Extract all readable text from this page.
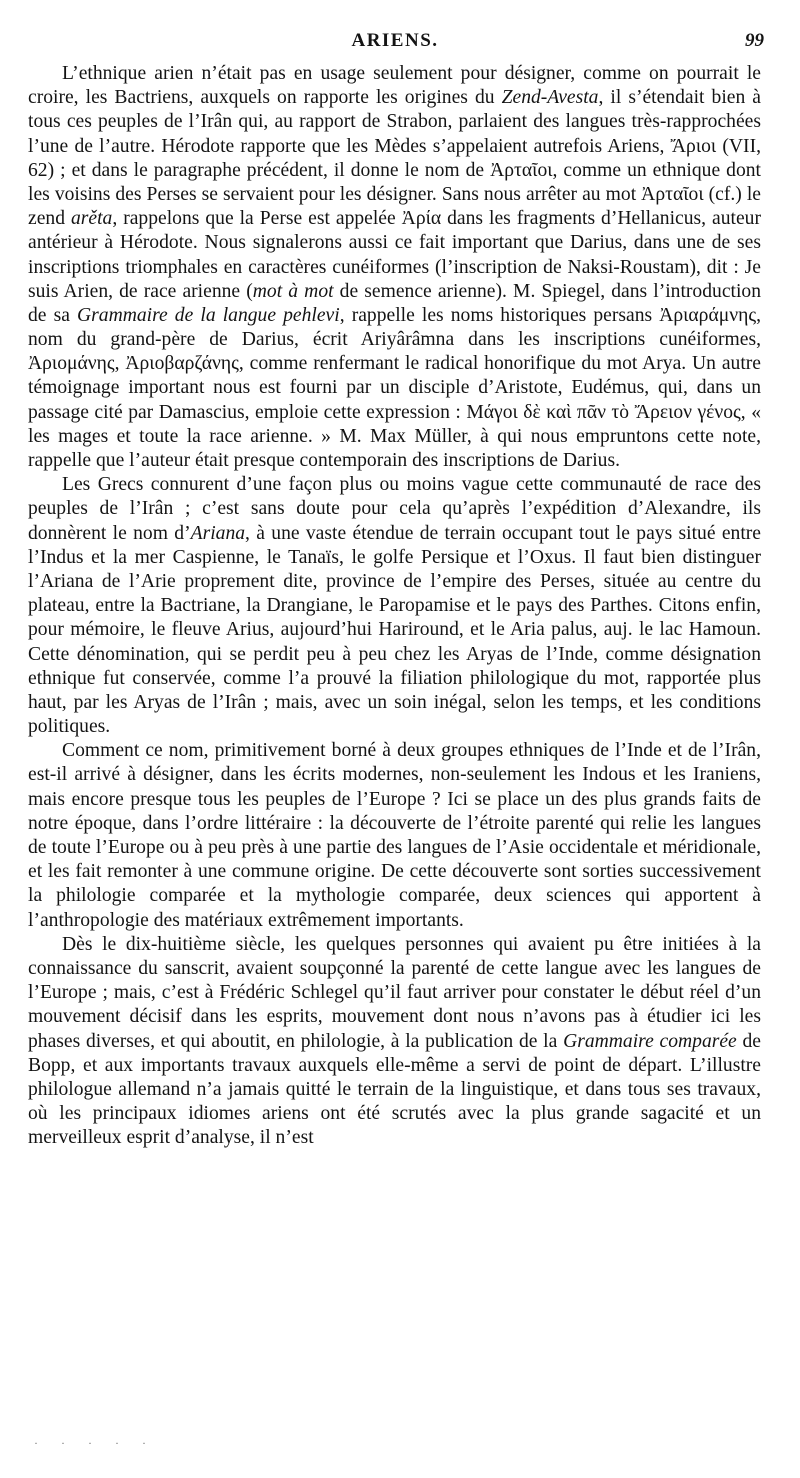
ARIENS.	99

L’ethnique arien n’était pas en usage seulement pour désigner, comme on pourrait le croire, les Bactriens, auxquels on rapporte les origines du Zend-Avesta, il s’étendait bien à tous ces peuples de l’Irân qui, au rapport de Strabon, parlaient des langues très-rapprochées l’une de l’autre. Hérodote rapporte que les Mèdes s’appelaient autrefois Ariens, Ἄριοι (VII, 62) ; et dans le paragraphe précédent, il donne le nom de Ἀρταῖοι, comme un ethnique dont les voisins des Perses se servaient pour les désigner. Sans nous arrêter au mot Ἀρταῖοι (cf.) le zend arěta, rappelons que la Perse est appelée Ἀρία dans les fragments d’Hellanicus, auteur antérieur à Hérodote. Nous signalerons aussi ce fait important que Darius, dans une de ses inscriptions triomphales en caractères cunéiformes (l’inscription de Naksi-Roustam), dit : Je suis Arien, de race arienne (mot à mot de semence arienne). M. Spiegel, dans l’introduction de sa Grammaire de la langue pehlevi, rappelle les noms historiques persans Ἀριαράμνης, nom du grand-père de Darius, écrit Ariyârâmna dans les inscriptions cunéiformes, Ἀριομάνης, Ἀριοβαρζάνης, comme renfermant le radical honorifique du mot Arya. Un autre témoignage important nous est fourni par un disciple d’Aristote, Eudémus, qui, dans un passage cité par Damascius, emploie cette expression : Μάγοι δὲ καὶ πᾶν τὸ Ἄρειον γένος, « les mages et toute la race arienne. » M. Max Müller, à qui nous empruntons cette note, rappelle que l’auteur était presque contemporain des inscriptions de Darius.

Les Grecs connurent d’une façon plus ou moins vague cette communauté de race des peuples de l’Irân ; c’est sans doute pour cela qu’après l’expédition d’Alexandre, ils donnèrent le nom d’Ariana, à une vaste étendue de terrain occupant tout le pays situé entre l’Indus et la mer Caspienne, le Tanaïs, le golfe Persique et l’Oxus. Il faut bien distinguer l’Ariana de l’Arie proprement dite, province de l’empire des Perses, située au centre du plateau, entre la Bactriane, la Drangiane, le Paropamise et le pays des Parthes. Citons enfin, pour mémoire, le fleuve Arius, aujourd’hui Hariround, et le Aria palus, auj. le lac Hamoun. Cette dénomination, qui se perdit peu à peu chez les Aryas de l’Inde, comme désignation ethnique fut conservée, comme l’a prouvé la filiation philologique du mot, rapportée plus haut, par les Aryas de l’Irân ; mais, avec un soin inégal, selon les temps, et les conditions politiques.

Comment ce nom, primitivement borné à deux groupes ethniques de l’Inde et de l’Irân, est-il arrivé à désigner, dans les écrits modernes, non-seulement les Indous et les Iraniens, mais encore presque tous les peuples de l’Europe ? Ici se place un des plus grands faits de notre époque, dans l’ordre littéraire : la découverte de l’étroite parenté qui relie les langues de toute l’Europe ou à peu près à une partie des langues de l’Asie occidentale et méridionale, et les fait remonter à une commune origine. De cette découverte sont sorties successivement la philologie comparée et la mythologie comparée, deux sciences qui apportent à l’anthropologie des matériaux extrêmement importants.

Dès le dix-huitième siècle, les quelques personnes qui avaient pu être initiées à la connaissance du sanscrit, avaient soupçonné la parenté de cette langue avec les langues de l’Europe ; mais, c’est à Frédéric Schlegel qu’il faut arriver pour constater le début réel d’un mouvement décisif dans les esprits, mouvement dont nous n’avons pas à étudier ici les phases diverses, et qui aboutit, en philologie, à la publication de la Grammaire comparée de Bopp, et aux importants travaux auxquels elle-même a servi de point de départ. L’illustre philologue allemand n’a jamais quitté le terrain de la linguistique, et dans tous ses travaux, où les principaux idiomes ariens ont été scrutés avec la plus grande sagacité et un merveilleux esprit d’analyse, il n’est

· · · · ·
